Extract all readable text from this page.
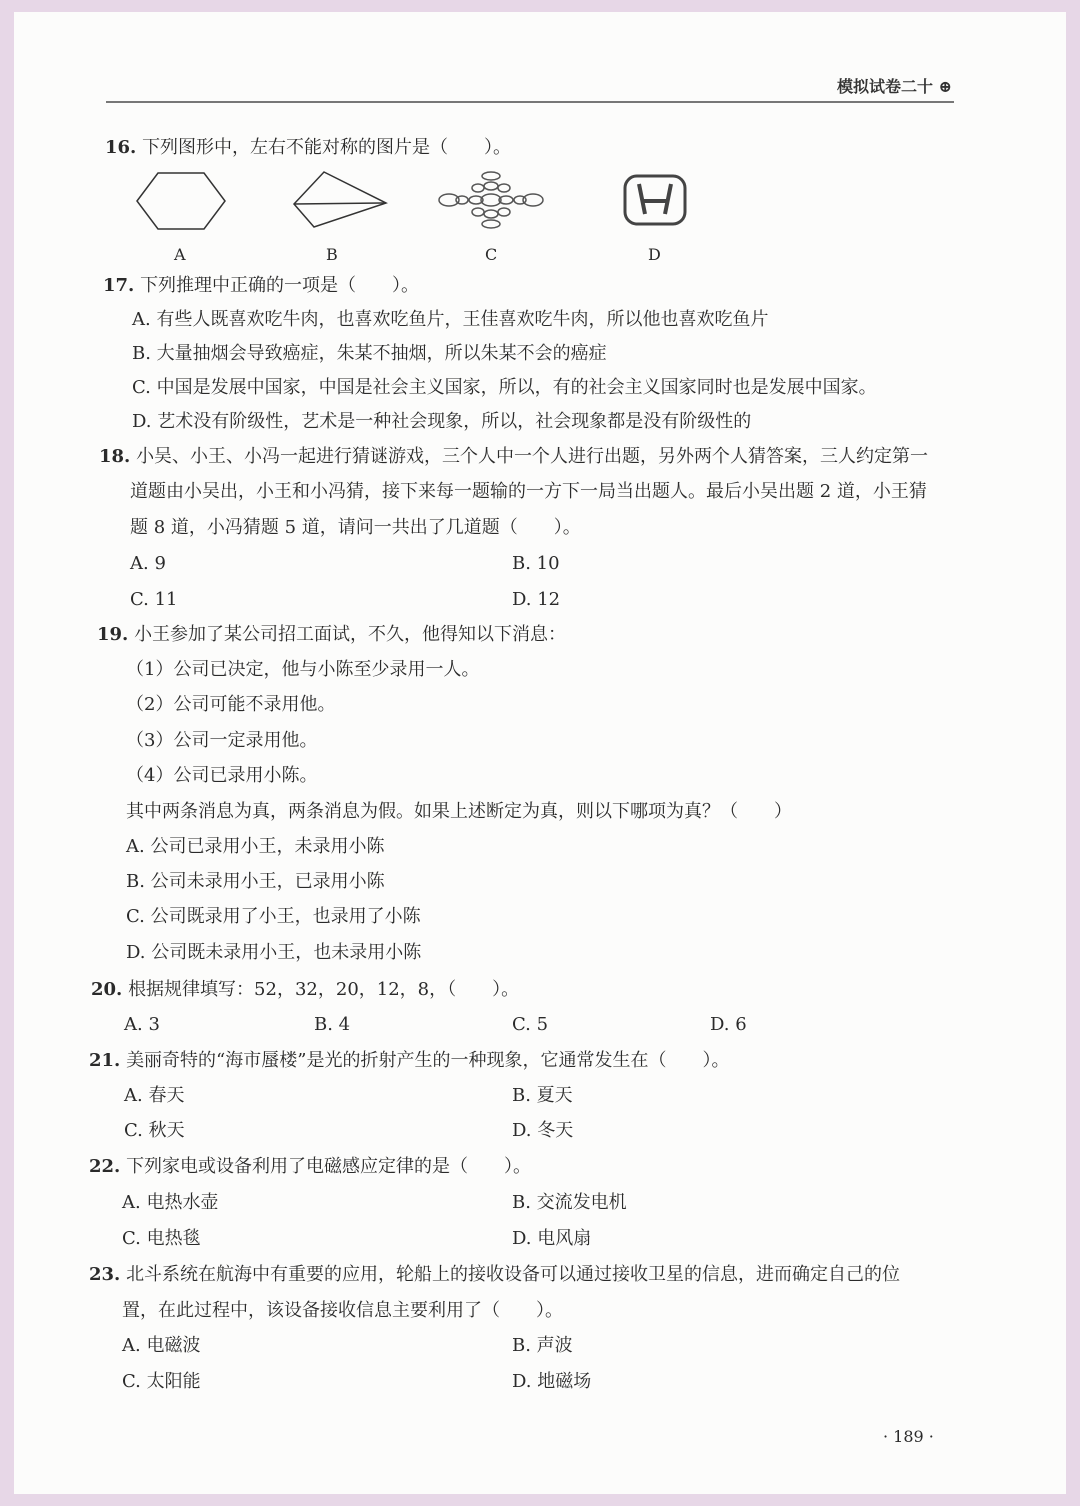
模拟试卷二十 ⊕
16. 下列图形中，左右不能对称的图片是（　　）。
A	B	C	D
17. 下列推理中正确的一项是（　　）。
A. 有些人既喜欢吃牛肉，也喜欢吃鱼片，王佳喜欢吃牛肉，所以他也喜欢吃鱼片
B. 大量抽烟会导致癌症，朱某不抽烟，所以朱某不会的癌症
C. 中国是发展中国家，中国是社会主义国家，所以，有的社会主义国家同时也是发展中国家。
D. 艺术没有阶级性，艺术是一种社会现象，所以，社会现象都是没有阶级性的
18. 小吴、小王、小冯一起进行猜谜游戏，三个人中一个人进行出题，另外两个人猜答案，三人约定第一
道题由小吴出，小王和小冯猜，接下来每一题输的一方下一局当出题人。最后小吴出题 2 道，小王猜
题 8 道，小冯猜题 5 道，请问一共出了几道题（　　）。
A. 9	B. 10
C. 11	D. 12
19. 小王参加了某公司招工面试，不久，他得知以下消息：
（1）公司已决定，他与小陈至少录用一人。
（2）公司可能不录用他。
（3）公司一定录用他。
（4）公司已录用小陈。
其中两条消息为真，两条消息为假。如果上述断定为真，则以下哪项为真？（　　）
A. 公司已录用小王，未录用小陈
B. 公司未录用小王，已录用小陈
C. 公司既录用了小王，也录用了小陈
D. 公司既未录用小王，也未录用小陈
20. 根据规律填写：52，32，20，12，8，（　　）。
A. 3	B. 4	C. 5	D. 6
21. 美丽奇特的“海市蜃楼”是光的折射产生的一种现象，它通常发生在（　　）。
A. 春天	B. 夏天
C. 秋天	D. 冬天
22. 下列家电或设备利用了电磁感应定律的是（　　）。
A. 电热水壶	B. 交流发电机
C. 电热毯	D. 电风扇
23. 北斗系统在航海中有重要的应用，轮船上的接收设备可以通过接收卫星的信息，进而确定自己的位
置，在此过程中，该设备接收信息主要利用了（　　）。
A. 电磁波	B. 声波
C. 太阳能	D. 地磁场
· 189 ·
